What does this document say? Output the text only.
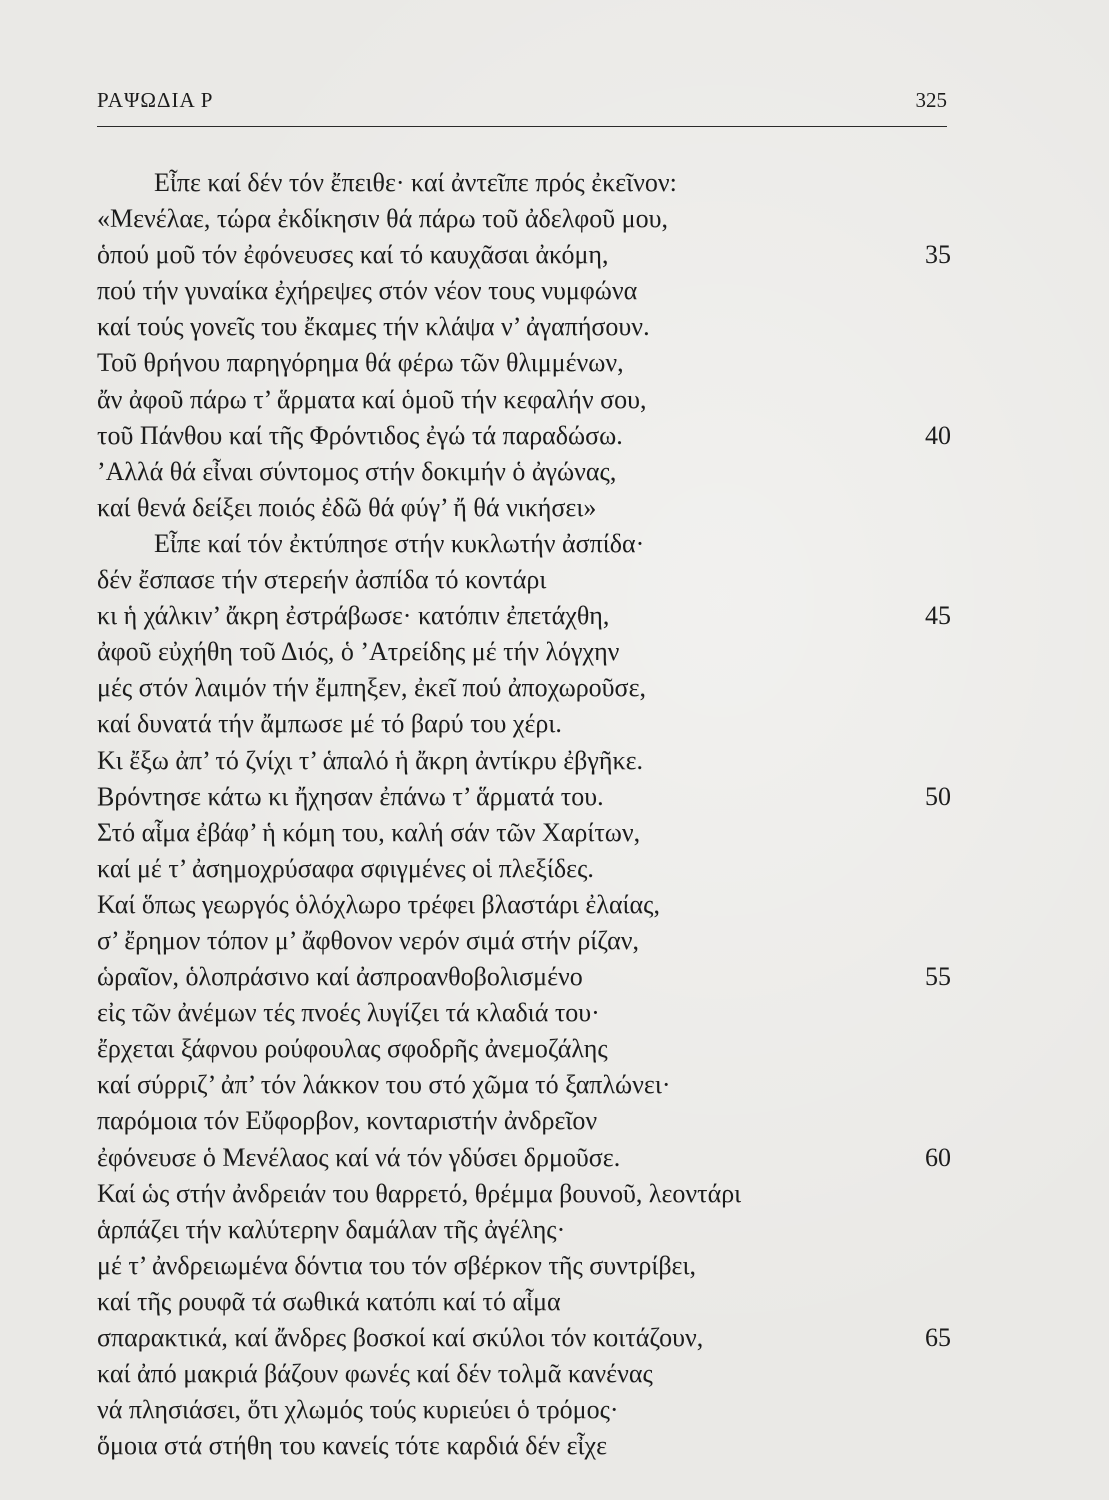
ΡΑΨΩΔΙΑ Ρ	325
Εἶπε καί δέν τόν ἔπειθε· καί ἀντεῖπε πρός ἐκεῖνον:
«Μενέλαε, τώρα ἐκδίκησιν θά πάρω τοῦ ἀδελφοῦ μου,
ὁπού μοῦ τόν ἐφόνευσες καί τό καυχᾶσαι ἀκόμη,	35
πού τήν γυναίκα ἐχήρεψες στόν νέον τους νυμφώνα
καί τούς γονεῖς του ἔκαμες τήν κλάψα ν’ ἀγαπήσουν.
Τοῦ θρήνου παρηγόρημα θά φέρω τῶν θλιμμένων,
ἄν ἀφοῦ πάρω τ’ ἅρματα καί ὁμοῦ τήν κεφαλήν σου,
τοῦ Πάνθου καί τῆς Φρόντιδος ἐγώ τά παραδώσω.	40
’Αλλά θά εἶναι σύντομος στήν δοκιμήν ὁ ἀγώνας,
καί θενά δείξει ποιός ἐδῶ θά φύγ’ ἤ θά νικήσει»
Εἶπε καί τόν ἐκτύπησε στήν κυκλωτήν ἀσπίδα·
δέν ἔσπασε τήν στερεήν ἀσπίδα τό κοντάρι
κι ἡ χάλκιν’ ἄκρη ἐστράβωσε· κατόπιν ἐπετάχθη,	45
ἀφοῦ εὐχήθη τοῦ Διός, ὁ ’Ατρείδης μέ τήν λόγχην
μές στόν λαιμόν τήν ἔμπηξεν, ἐκεῖ πού ἀποχωροῦσε,
καί δυνατά τήν ἄμπωσε μέ τό βαρύ του χέρι.
Κι ἔξω ἀπ’ τό ζνίχι τ’ ἁπαλό ἡ ἄκρη ἀντίκρυ ἐβγῆκε.
Βρόντησε κάτω κι ἤχησαν ἐπάνω τ’ ἅρματά του.	50
Στό αἷμα ἐβάφ’ ἡ κόμη του, καλή σάν τῶν Χαρίτων,
καί μέ τ’ ἀσημοχρύσαφα σφιγμένες οἱ πλεξίδες.
Καί ὅπως γεωργός ὁλόχλωρο τρέφει βλαστάρι ἐλαίας,
σ’ ἔρημον τόπον μ’ ἄφθονον νερόν σιμά στήν ρίζαν,
ὡραῖον, ὁλοπράσινο καί ἀσπροανθοβολισμένο	55
εἰς τῶν ἀνέμων τές πνοές λυγίζει τά κλαδιά του·
ἔρχεται ξάφνου ρούφουλας σφοδρῆς ἀνεμοζάλης
καί σύρριζ’ ἀπ’ τόν λάκκον του στό χῶμα τό ξαπλώνει·
παρόμοια τόν Εὔφορβον, κονταριστήν ἀνδρεῖον
ἐφόνευσε ὁ Μενέλαος καί νά τόν γδύσει δρμοῦσε.	60
Καί ὡς στήν ἀνδρειάν του θαρρετό, θρέμμα βουνοῦ, λεοντάρι
ἁρπάζει τήν καλύτερην δαμάλαν τῆς ἀγέλης·
μέ τ’ ἀνδρειωμένα δόντια του τόν σβέρκον τῆς συντρίβει,
καί τῆς ρουφᾶ τά σωθικά κατόπι καί τό αἷμα
σπαρακτικά, καί ἄνδρες βοσκοί καί σκύλοι τόν κοιτάζουν,	65
καί ἀπό μακριά βάζουν φωνές καί δέν τολμᾶ κανένας
νά πλησιάσει, ὅτι χλωμός τούς κυριεύει ὁ τρόμος·
ὅμοια στά στήθη του κανείς τότε καρδιά δέν εἶχε
